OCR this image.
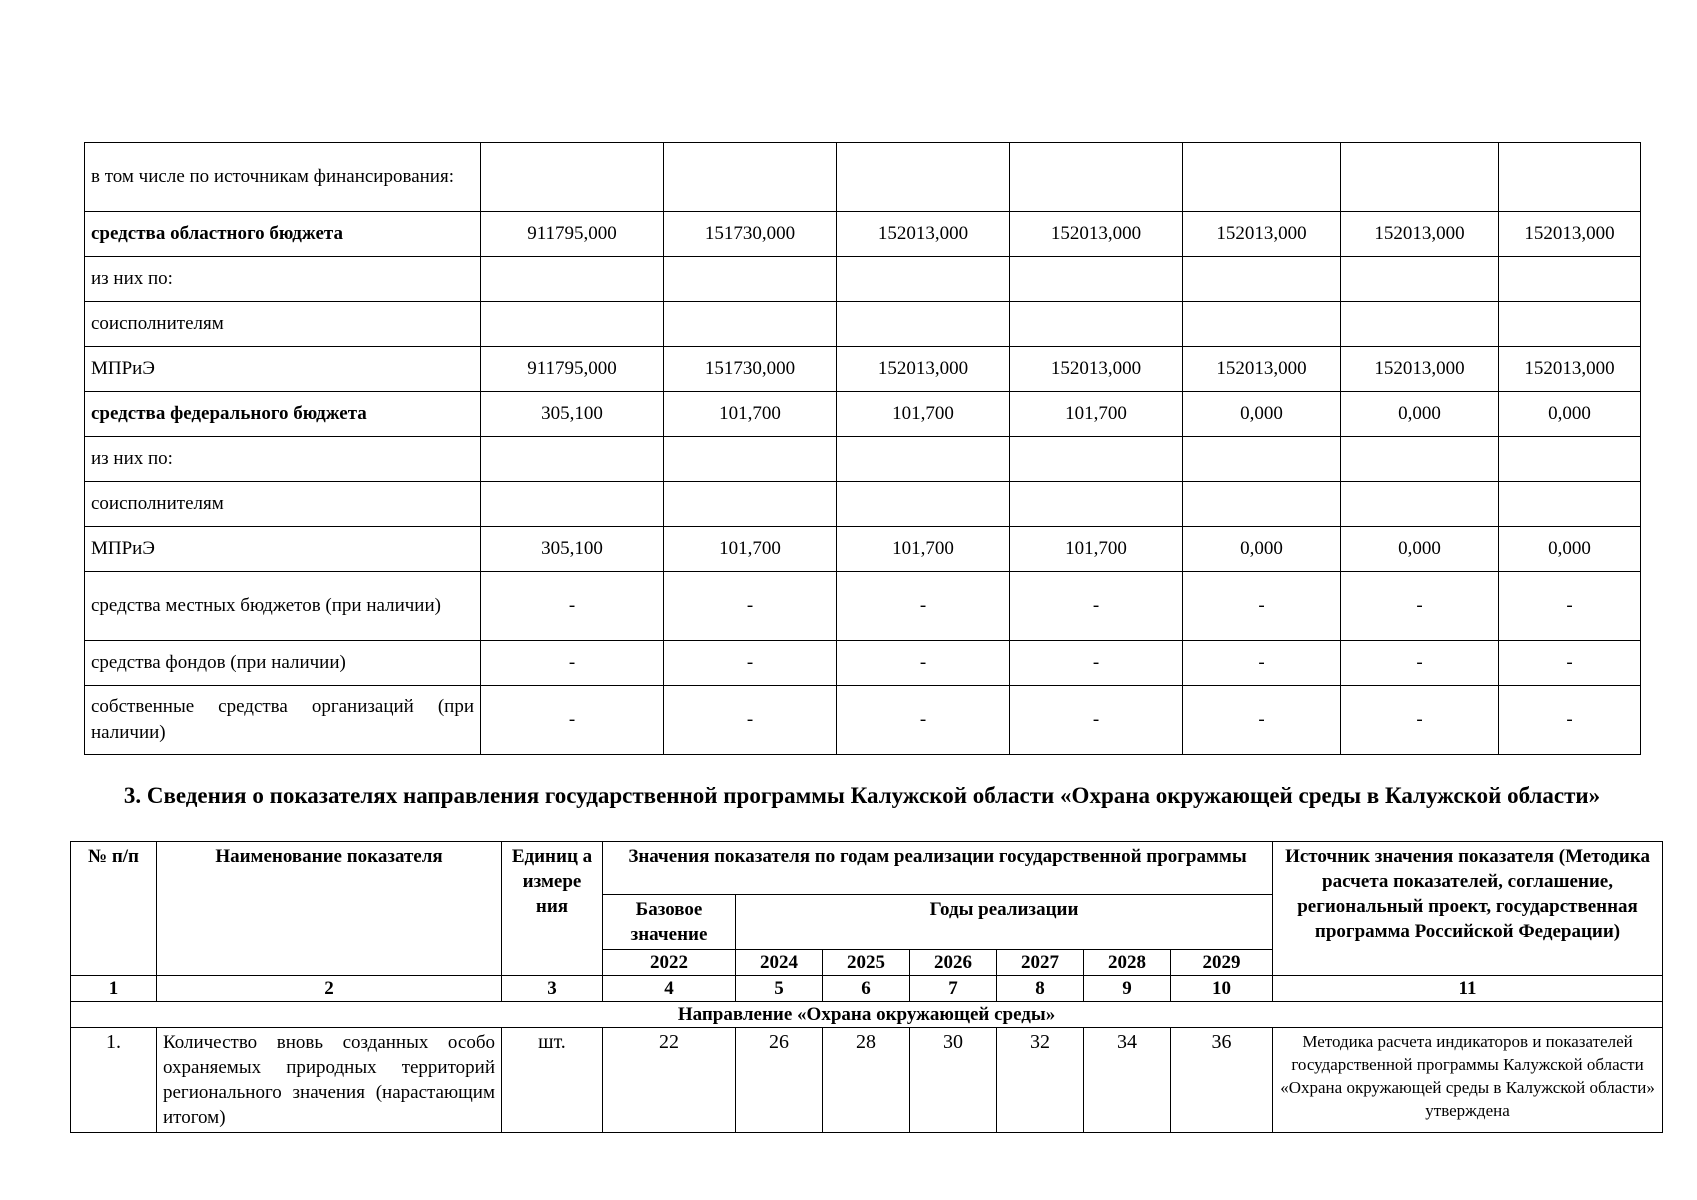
в том числе по источникам финансирования:							
средства областного бюджета	911795,000	151730,000	152013,000	152013,000	152013,000	152013,000	152013,000
из них по:							
соисполнителям							
МПРиЭ	911795,000	151730,000	152013,000	152013,000	152013,000	152013,000	152013,000
средства федерального бюджета	305,100	101,700	101,700	101,700	0,000	0,000	0,000
из них по:							
соисполнителям							
МПРиЭ	305,100	101,700	101,700	101,700	0,000	0,000	0,000
средства местных бюджетов (при наличии)	-	-	-	-	-	-	-
средства фондов (при наличии)	-	-	-	-	-	-	-
собственные средства организаций (при наличии)	-	-	-	-	-	-	-
3. Сведения о показателях направления государственной программы Калужской области «Охрана окружающей среды в Калужской области»
№ п/п	Наименование показателя	Единиц а измере ния	Значения показателя по годам реализации государственной программы							Источник значения показателя (Методика расчета показателей, соглашение, региональный проект, государственная программа Российской Федерации)
			Базовое значение	Годы реализации						
			2022	2024	2025	2026	2027	2028	2029	
1	2	3	4	5	6	7	8	9	10	11
Направление «Охрана окружающей среды»										
1.	Количество вновь созданных особо охраняемых природных территорий регионального значения (нарастающим итогом)	шт.	22	26	28	30	32	34	36	Методика расчета индикаторов и показателей государственной программы Калужской области «Охрана окружающей среды в Калужской области» утверждена
